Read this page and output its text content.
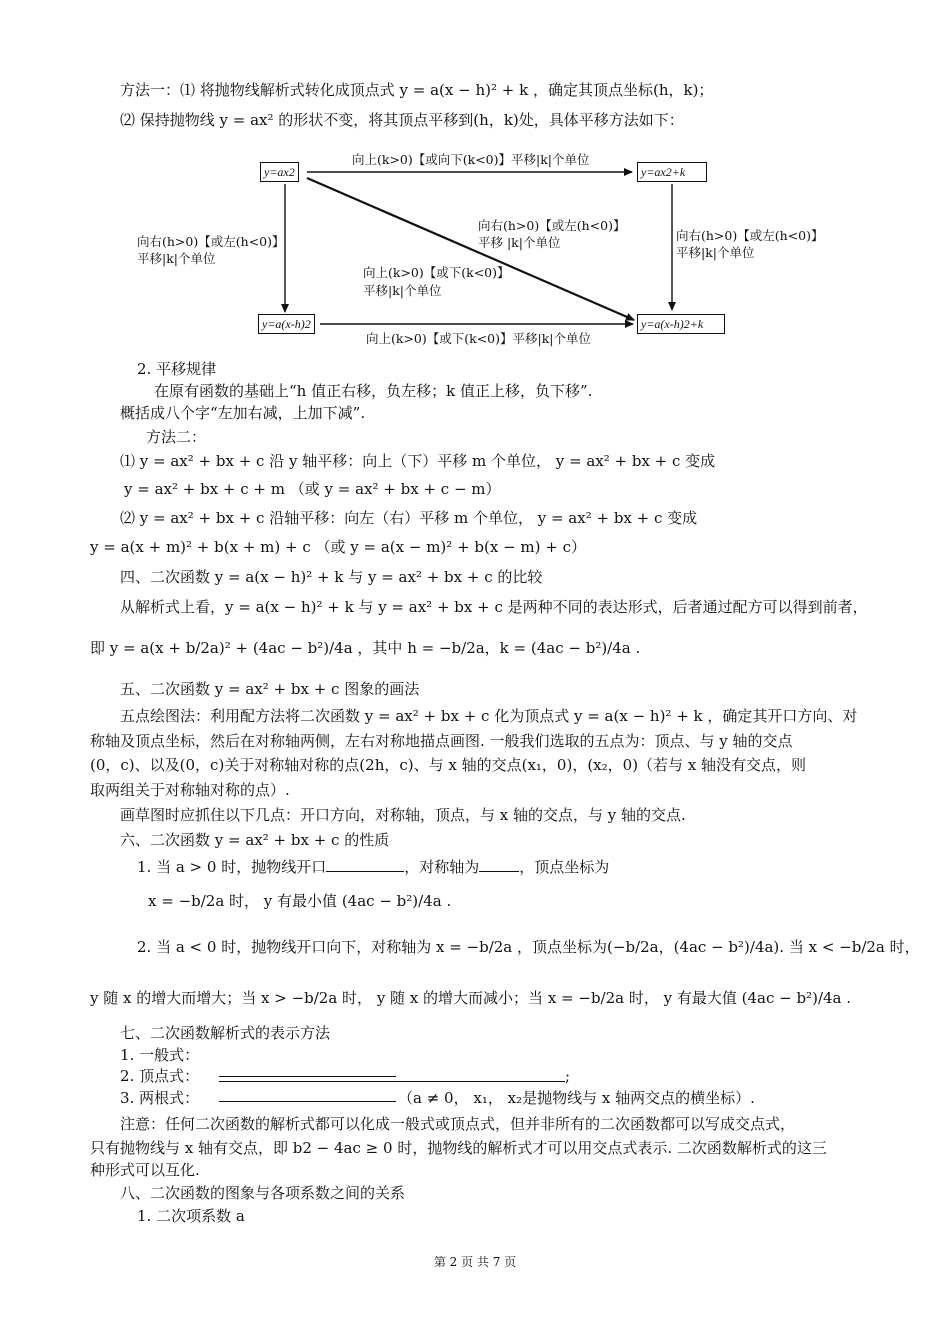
方法一：⑴ 将抛物线解析式转化成顶点式 y = a(x − h)² + k ，确定其顶点坐标(h，k)；
⑵ 保持抛物线 y = ax² 的形状不变，将其顶点平移到(h，k)处，具体平移方法如下：
y=ax2	y=ax2+k
y=a(x-h)2	y=a(x-h)2+k
向上(k>0)【或向下(k<0)】平移|k|个单位
向右(h>0)【或左(h<0)】
平移 |k|个单位
向右(h>0)【或左(h<0)】
平移|k|个单位
向上(k>0)【或下(k<0)】
平移|k|个单位
向右(h>0)【或左(h<0)】
平移|k|个单位
向上(k>0)【或下(k<0)】平移|k|个单位
2. 平移规律
在原有函数的基础上“h 值正右移，负左移；k 值正上移，负下移”.
概括成八个字“左加右减，上加下减”.
方法二：
⑴ y = ax² + bx + c 沿 y 轴平移：向上（下）平移 m 个单位， y = ax² + bx + c 变成
y = ax² + bx + c + m （或 y = ax² + bx + c − m）
⑵ y = ax² + bx + c 沿轴平移：向左（右）平移 m 个单位， y = ax² + bx + c 变成
y = a(x + m)² + b(x + m) + c （或 y = a(x − m)² + b(x − m) + c）
四、二次函数 y = a(x − h)² + k 与 y = ax² + bx + c 的比较
从解析式上看，y = a(x − h)² + k 与 y = ax² + bx + c 是两种不同的表达形式，后者通过配方可以得到前者，
即 y = a(x + b/2a)² + (4ac − b²)/4a ，其中 h = −b/2a，k = (4ac − b²)/4a .
五、二次函数 y = ax² + bx + c 图象的画法
五点绘图法：利用配方法将二次函数 y = ax² + bx + c 化为顶点式 y = a(x − h)² + k ，确定其开口方向、对
称轴及顶点坐标，然后在对称轴两侧，左右对称地描点画图. 一般我们选取的五点为：顶点、与 y 轴的交点
(0，c)、以及(0，c)关于对称轴对称的点(2h，c)、与 x 轴的交点(x₁，0)，(x₂，0)（若与 x 轴没有交点，则
取两组关于对称轴对称的点）.
画草图时应抓住以下几点：开口方向，对称轴，顶点，与 x 轴的交点，与 y 轴的交点.
六、二次函数 y = ax² + bx + c 的性质
1. 当 a > 0 时，抛物线开口	，对称轴为	，顶点坐标为
x = −b/2a 时， y 有最小值 (4ac − b²)/4a .
2. 当 a < 0 时，抛物线开口向下，对称轴为 x = −b/2a ，顶点坐标为(−b/2a，(4ac − b²)/4a). 当 x < −b/2a 时，
y 随 x 的增大而增大；当 x > −b/2a 时， y 随 x 的增大而减小；当 x = −b/2a 时， y 有最大值 (4ac − b²)/4a .
七、二次函数解析式的表示方法
1. 一般式：
2. 顶点式：	;
3. 两根式：	（a ≠ 0， x₁， x₂是抛物线与 x 轴两交点的横坐标）.
注意：任何二次函数的解析式都可以化成一般式或顶点式，但并非所有的二次函数都可以写成交点式，
只有抛物线与 x 轴有交点，即 b2 − 4ac ≥ 0 时，抛物线的解析式才可以用交点式表示. 二次函数解析式的这三
种形式可以互化.
八、二次函数的图象与各项系数之间的关系
1. 二次项系数 a
第 2 页 共 7 页
